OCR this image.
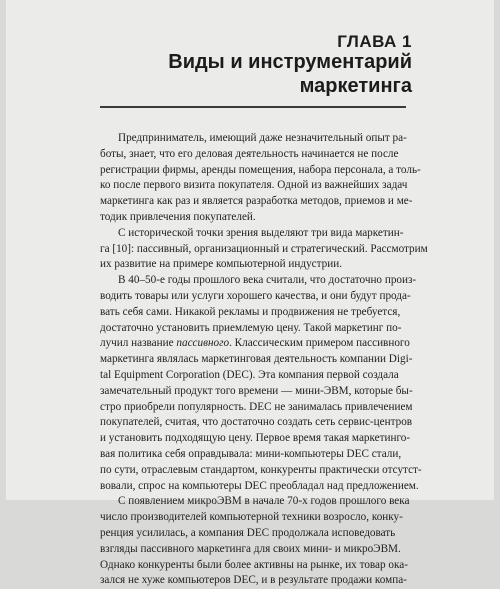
ГЛАВА 1
Виды и инструментарий
маркетинга

Предприниматель, имеющий даже незначительный опыт ра-
боты, знает, что его деловая деятельность начинается не после
регистрации фирмы, аренды помещения, набора персонала, а толь-
ко после первого визита покупателя. Одной из важнейших задач
маркетинга как раз и является разработка методов, приемов и ме-
тодик привлечения покупателей.

С исторической точки зрения выделяют три вида маркетин-
га [10]: пассивный, организационный и стратегический. Рассмотрим
их развитие на примере компьютерной индустрии.

В 40–50-е годы прошлого века считали, что достаточно произ-
водить товары или услуги хорошего качества, и они будут прода-
вать себя сами. Никакой рекламы и продвижения не требуется,
достаточно установить приемлемую цену. Такой маркетинг по-
лучил название пассивного. Классическим примером пассивного
маркетинга являлась маркетинговая деятельность компании Digi-
tal Equipment Corporation (DEC). Эта компания первой создала
замечательный продукт того времени — мини-ЭВМ, которые бы-
стро приобрели популярность. DEC не занималась привлечением
покупателей, считая, что достаточно создать сеть сервис-центров
и установить подходящую цену. Первое время такая маркетинго-
вая политика себя оправдывала: мини-компьютеры DEC стали,
по сути, отраслевым стандартом, конкуренты практически отсутст-
вовали, спрос на компьютеры DEC преобладал над предложением.

С появлением микроЭВМ в начале 70-х годов прошлого века
число производителей компьютерной техники возросло, конку-
ренция усилилась, а компания DEC продолжала исповедовать
взгляды пассивного маркетинга для своих мини- и микроЭВМ.
Однако конкуренты были более активны на рынке, их товар ока-
зался не хуже компьютеров DEC, и в результате продажи компа-
